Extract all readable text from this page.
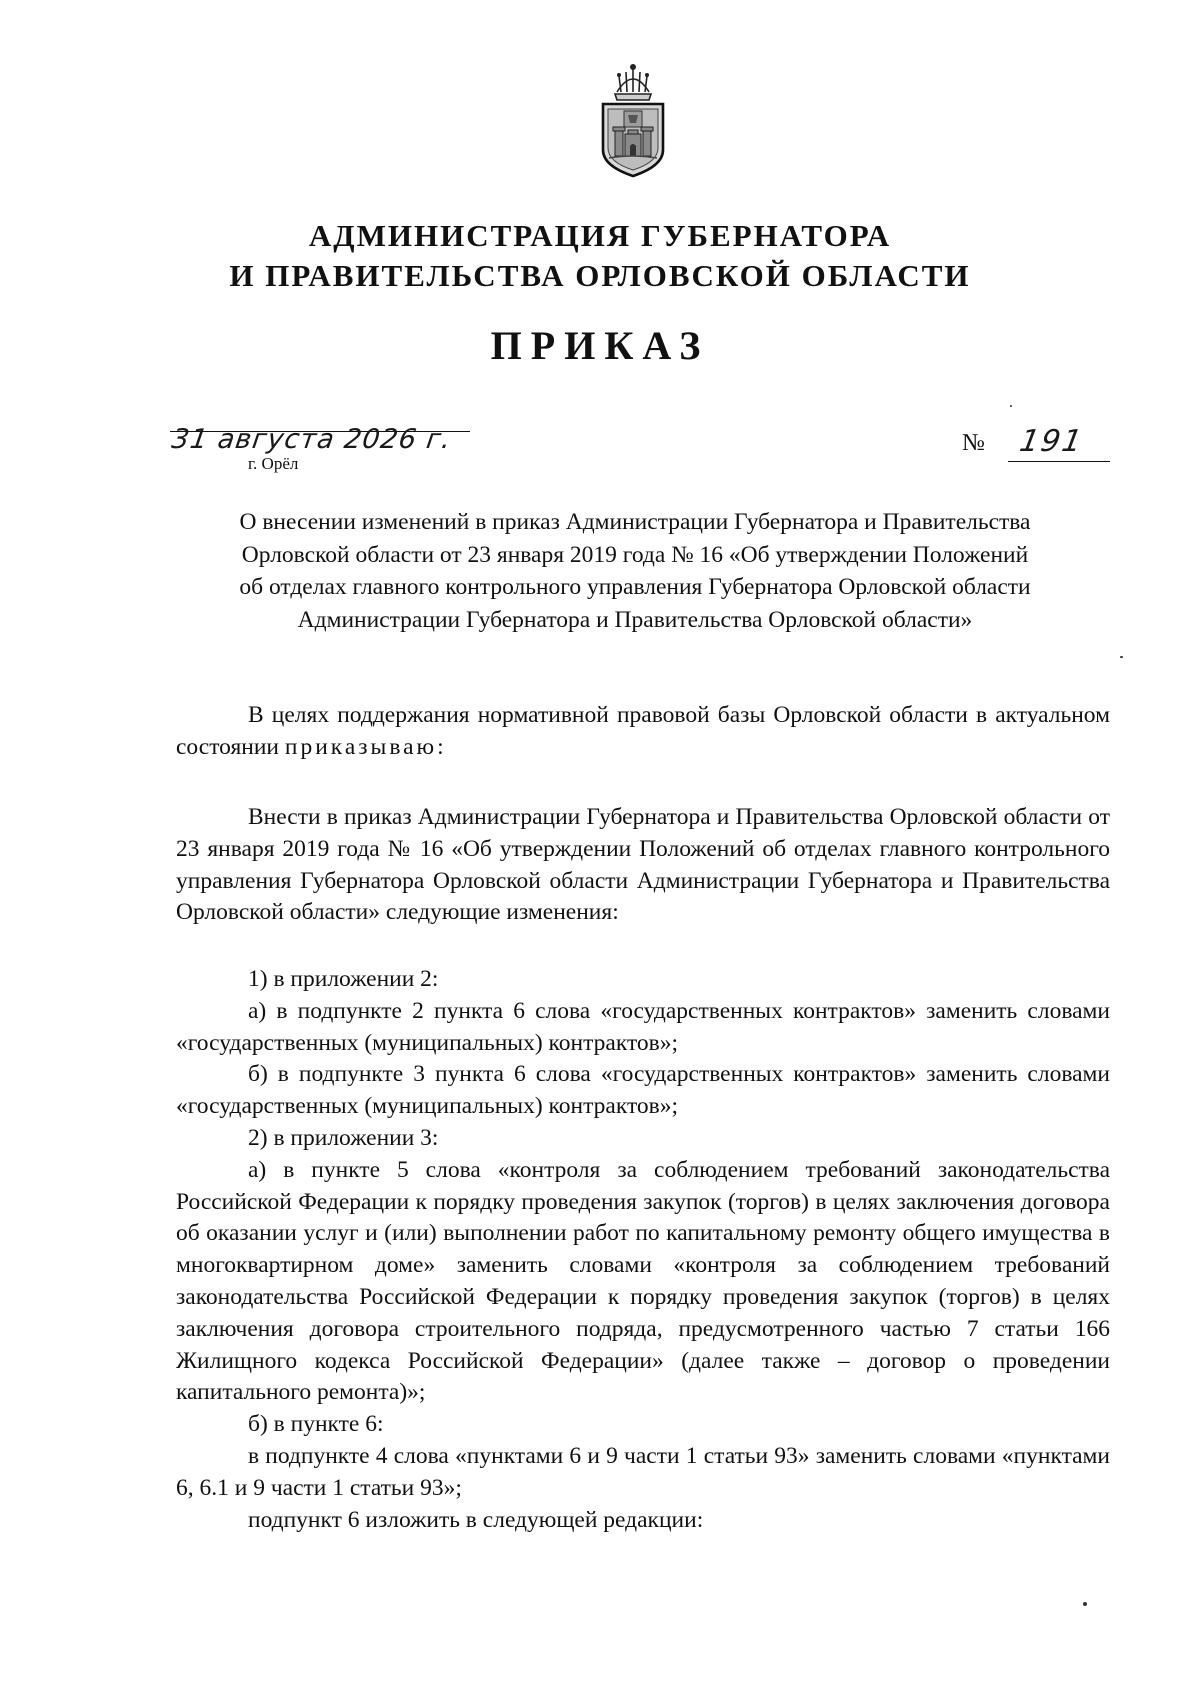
АДМИНИСТРАЦИЯ ГУБЕРНАТОРА
И ПРАВИТЕЛЬСТВА ОРЛОВСКОЙ ОБЛАСТИ
ПРИКАЗ
31 августа 2026 г.
г. Орёл
№ 191
О внесении изменений в приказ Администрации Губернатора и Правительства
Орловской области от 23 января 2019 года № 16 «Об утверждении Положений
об отделах главного контрольного управления Губернатора Орловской области
Администрации Губернатора и Правительства Орловской области»

В целях поддержания нормативной правовой базы Орловской области в актуальном состоянии приказываю:

Внести в приказ Администрации Губернатора и Правительства Орловской области от 23 января 2019 года № 16 «Об утверждении Положений об отделах главного контрольного управления Губернатора Орловской области Администрации Губернатора и Правительства Орловской области» следующие изменения:

1) в приложении 2:

а) в подпункте 2 пункта 6 слова «государственных контрактов» заменить словами «государственных (муниципальных) контрактов»;

б) в подпункте 3 пункта 6 слова «государственных контрактов» заменить словами «государственных (муниципальных) контрактов»;

2) в приложении 3:

а) в пункте 5 слова «контроля за соблюдением требований законодательства Российской Федерации к порядку проведения закупок (торгов) в целях заключения договора об оказании услуг и (или) выполнении работ по капитальному ремонту общего имущества в многоквартирном доме» заменить словами «контроля за соблюдением требований законодательства Российской Федерации к порядку проведения закупок (торгов) в целях заключения договора строительного подряда, предусмотренного частью 7 статьи 166 Жилищного кодекса Российской Федерации» (далее также – договор о проведении капитального ремонта)»;

б) в пункте 6:

в подпункте 4 слова «пунктами 6 и 9 части 1 статьи 93» заменить словами «пунктами 6, 6.1 и 9 части 1 статьи 93»;

подпункт 6 изложить в следующей редакции:
